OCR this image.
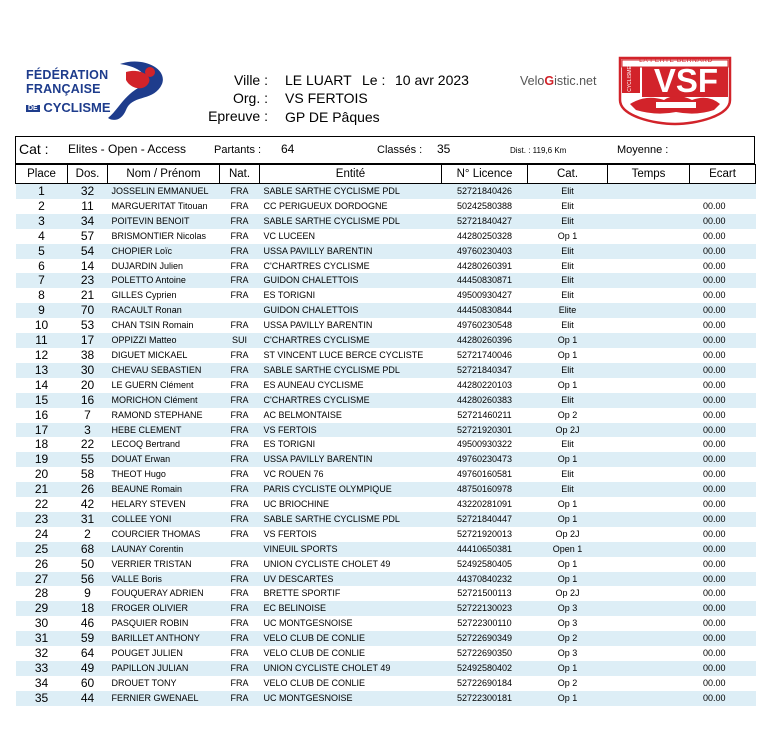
FÉDÉRATION
FRANÇAISE
DE CYCLISME
Ville : LE LUART Le : 10 avr 2023
Org. : VS FERTOIS
Epreuve : GP DE Pâques
VeloGistic.net
LA FERTE BERNARD
CYCLISME VSF
Cat : Elites - Open - Access	Partants : 64	Classés : 35	Dist. : 119,6 Km	Moyenne :
Place	Dos.	Nom / Prénom	Nat.	Entité	N° Licence	Cat.	Temps	Ecart
1	32	JOSSELIN EMMANUEL	FRA	SABLE SARTHE CYCLISME PDL	52721840426	Elit		
2	11	MARGUERITAT Titouan	FRA	CC PERIGUEUX DORDOGNE	50242580388	Elit		00.00
3	34	POITEVIN BENOIT	FRA	SABLE SARTHE CYCLISME PDL	52721840427	Elit		00.00
4	57	BRISMONTIER Nicolas	FRA	VC LUCEEN	44280250328	Op 1		00.00
5	54	CHOPIER Loïc	FRA	USSA PAVILLY BARENTIN	49760230403	Elit		00.00
6	14	DUJARDIN Julien	FRA	C'CHARTRES CYCLISME	44280260391	Elit		00.00
7	23	POLETTO Antoine	FRA	GUIDON CHALETTOIS	44450830871	Elit		00.00
8	21	GILLES Cyprien	FRA	ES TORIGNI	49500930427	Elit		00.00
9	70	RACAULT Ronan		GUIDON CHALETTOIS	44450830844	Elite		00.00
10	53	CHAN TSIN Romain	FRA	USSA PAVILLY BARENTIN	49760230548	Elit		00.00
11	17	OPPIZZI Matteo	SUI	C'CHARTRES CYCLISME	44280260396	Op 1		00.00
12	38	DIGUET MICKAEL	FRA	ST VINCENT LUCE BERCE CYCLISTE	52721740046	Op 1		00.00
13	30	CHEVAU SEBASTIEN	FRA	SABLE SARTHE CYCLISME PDL	52721840347	Elit		00.00
14	20	LE GUERN Clément	FRA	ES AUNEAU CYCLISME	44280220103	Op 1		00.00
15	16	MORICHON Clément	FRA	C'CHARTRES CYCLISME	44280260383	Elit		00.00
16	7	RAMOND STEPHANE	FRA	AC BELMONTAISE	52721460211	Op 2		00.00
17	3	HEBE CLEMENT	FRA	VS FERTOIS	52721920301	Op 2J		00.00
18	22	LECOQ Bertrand	FRA	ES TORIGNI	49500930322	Elit		00.00
19	55	DOUAT Erwan	FRA	USSA PAVILLY BARENTIN	49760230473	Op 1		00.00
20	58	THEOT Hugo	FRA	VC ROUEN 76	49760160581	Elit		00.00
21	26	BEAUNE Romain	FRA	PARIS CYCLISTE OLYMPIQUE	48750160978	Elit		00.00
22	42	HELARY STEVEN	FRA	UC BRIOCHINE	43220281091	Op 1		00.00
23	31	COLLEE YONI	FRA	SABLE SARTHE CYCLISME PDL	52721840447	Op 1		00.00
24	2	COURCIER THOMAS	FRA	VS FERTOIS	52721920013	Op 2J		00.00
25	68	LAUNAY Corentin		VINEUIL SPORTS	44410650381	Open 1		00.00
26	50	VERRIER TRISTAN	FRA	UNION CYCLISTE CHOLET 49	52492580405	Op 1		00.00
27	56	VALLE Boris	FRA	UV DESCARTES	44370840232	Op 1		00.00
28	9	FOUQUERAY ADRIEN	FRA	BRETTE SPORTIF	52721500113	Op 2J		00.00
29	18	FROGER OLIVIER	FRA	EC BELINOISE	52722130023	Op 3		00.00
30	46	PASQUIER ROBIN	FRA	UC MONTGESNOISE	52722300110	Op 3		00.00
31	59	BARILLET ANTHONY	FRA	VELO CLUB DE CONLIE	52722690349	Op 2		00.00
32	64	POUGET JULIEN	FRA	VELO CLUB DE CONLIE	52722690350	Op 3		00.00
33	49	PAPILLON JULIAN	FRA	UNION CYCLISTE CHOLET 49	52492580402	Op 1		00.00
34	60	DROUET TONY	FRA	VELO CLUB DE CONLIE	52722690184	Op 2		00.00
35	44	FERNIER GWENAEL	FRA	UC MONTGESNOISE	52722300181	Op 1		00.00
